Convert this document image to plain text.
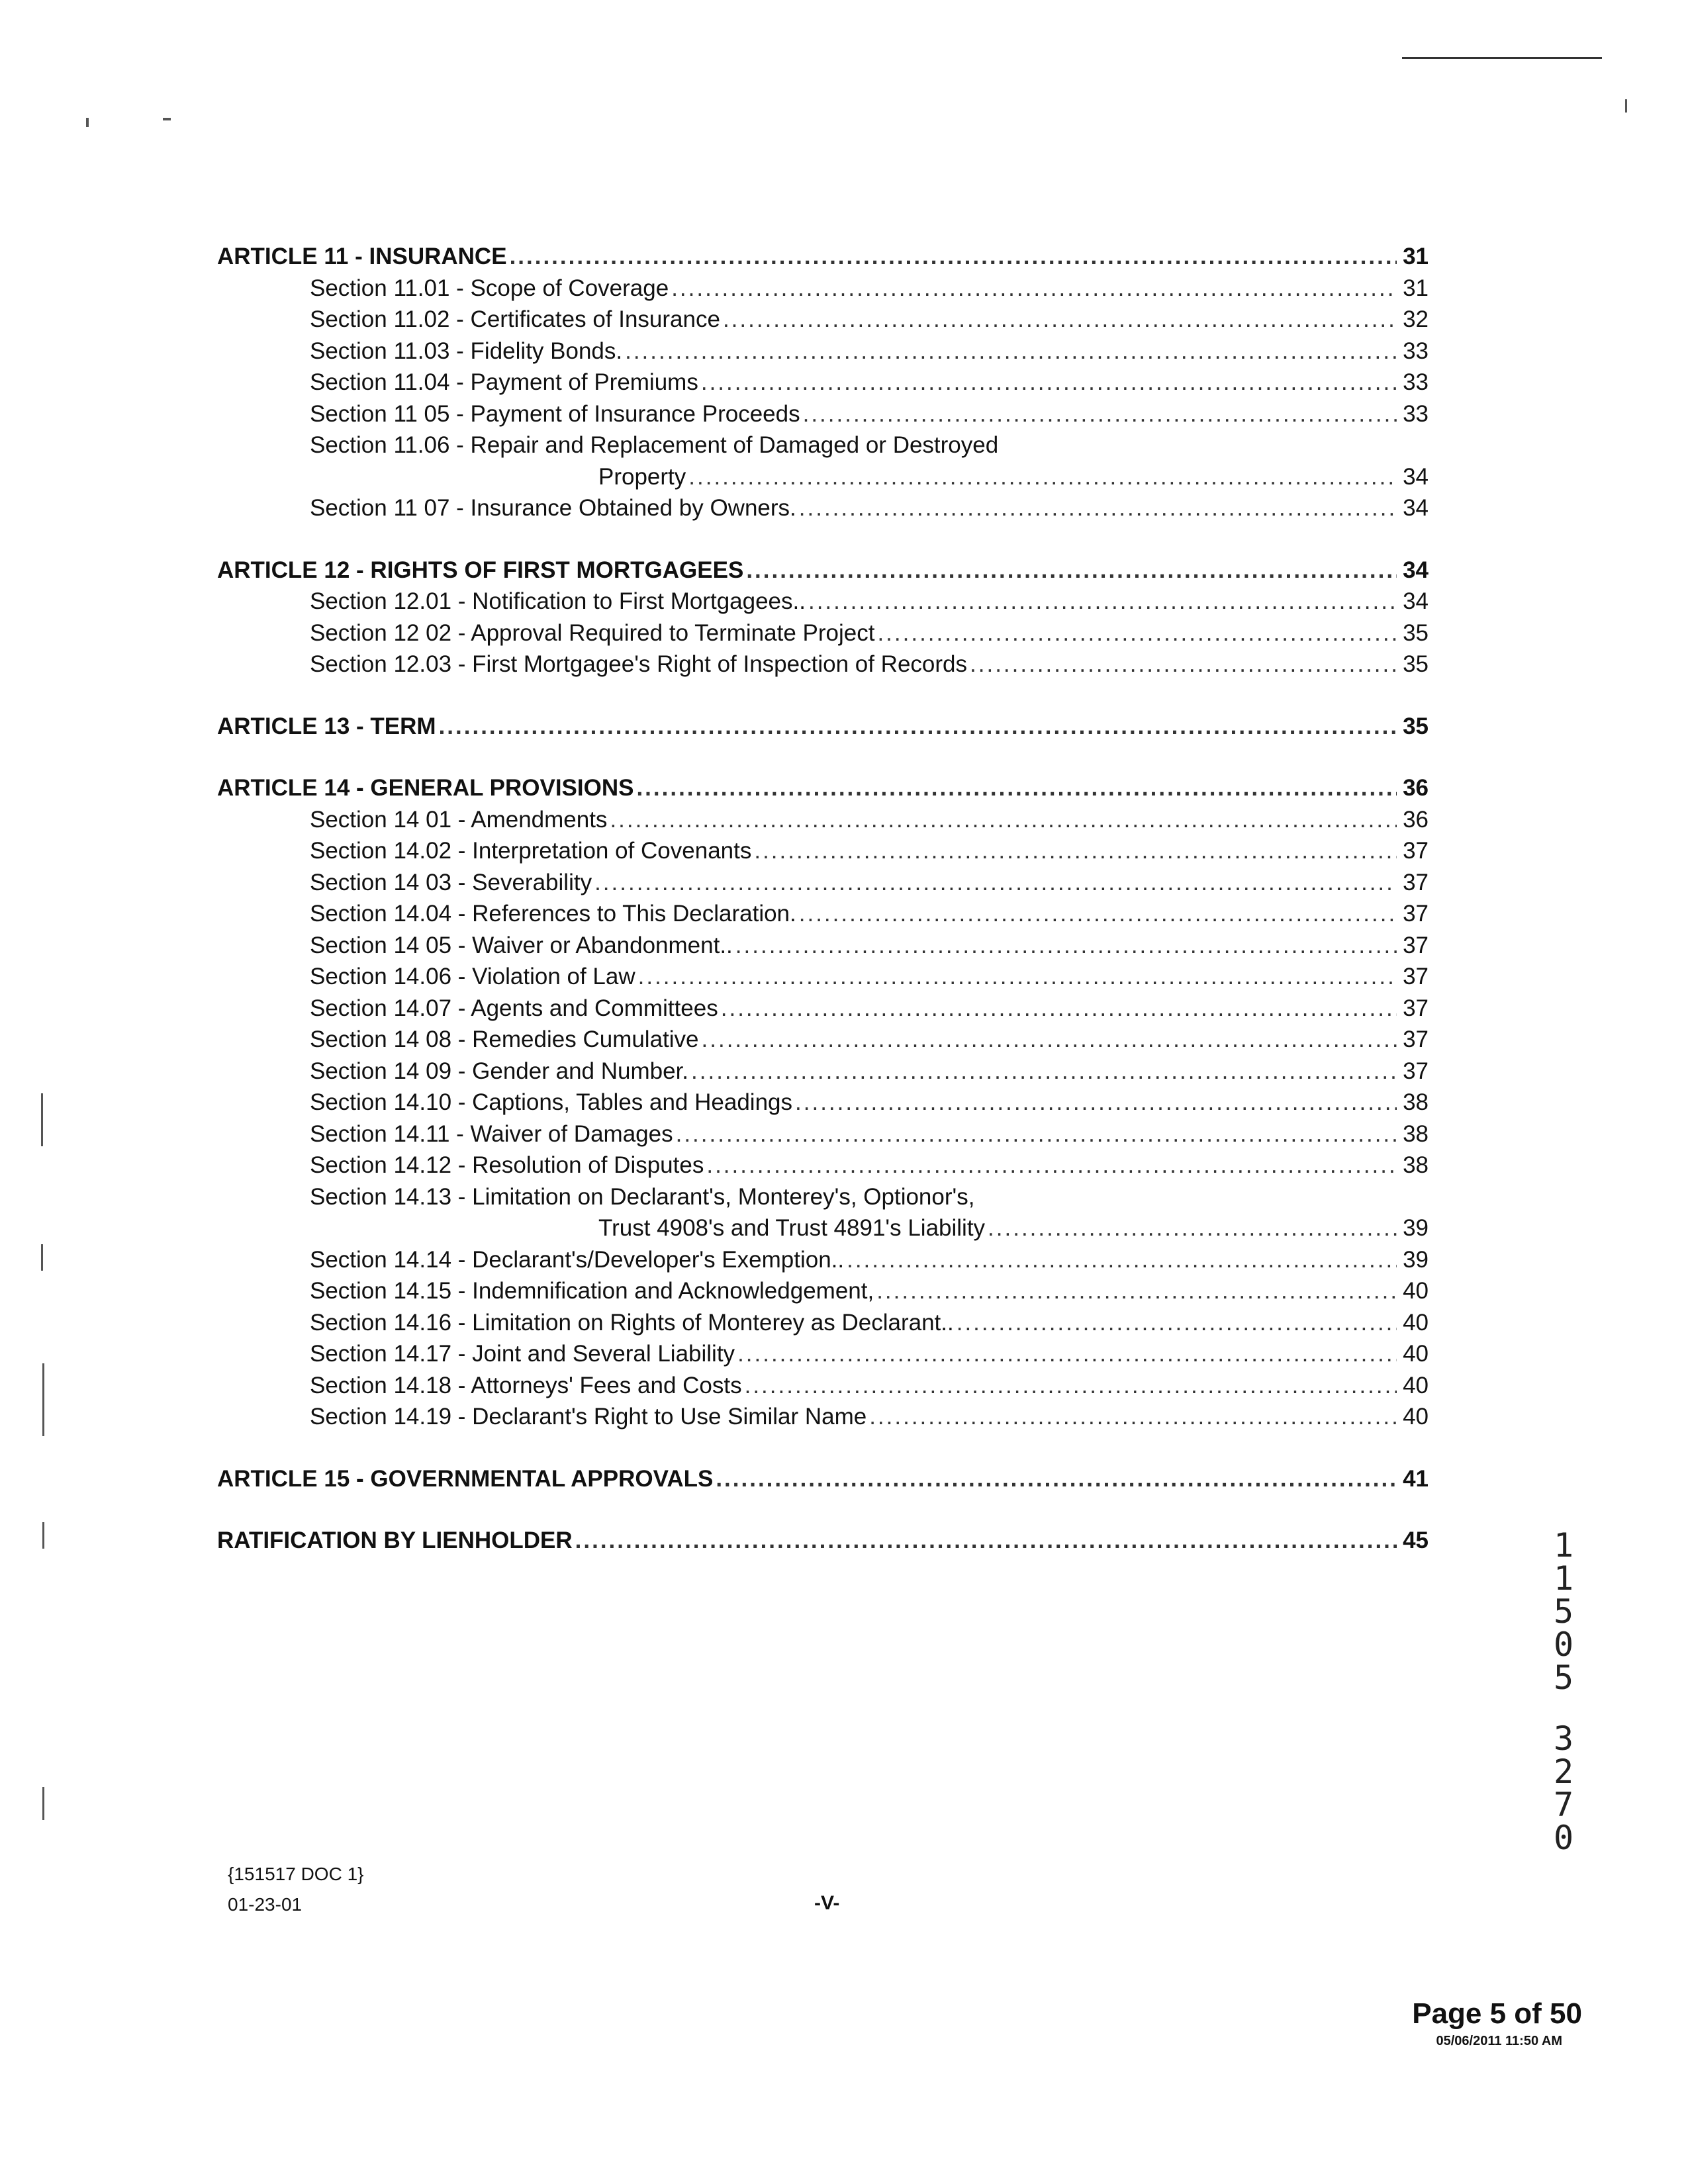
ARTICLE 11 - INSURANCE .....	31
Section 11.01 - Scope of Coverage .....	31
Section 11.02 - Certificates of Insurance .....	32
Section 11.03 - Fidelity Bonds. .....	33
Section 11.04 - Payment of Premiums .....	33
Section 11 05 - Payment of Insurance Proceeds .....	33
Section 11.06 - Repair and Replacement of Damaged or Destroyed
Property .....	34
Section 11 07 - Insurance Obtained by Owners. .....	34
ARTICLE 12 - RIGHTS OF FIRST MORTGAGEES .....	34
Section 12.01 - Notification to First Mortgagees.. .....	34
Section 12 02 - Approval Required to Terminate Project .....	35
Section 12.03 - First Mortgagee's Right of Inspection of Records .....	35
ARTICLE 13 - TERM .....	35
ARTICLE 14 - GENERAL PROVISIONS .....	36
Section 14 01 - Amendments .....	36
Section 14.02 - Interpretation of Covenants .....	37
Section 14 03 - Severability .....	37
Section 14.04 - References to This Declaration. .....	37
Section 14 05 - Waiver or Abandonment.. .....	37
Section 14.06 - Violation of Law .....	37
Section 14.07 - Agents and Committees .....	37
Section 14 08 - Remedies Cumulative .....	37
Section 14 09 - Gender and Number. .....	37
Section 14.10 - Captions, Tables and Headings .....	38
Section 14.11 - Waiver of Damages .....	38
Section 14.12 - Resolution of Disputes .....	38
Section 14.13 - Limitation on Declarant's, Monterey's, Optionor's,
Trust 4908's and Trust 4891's Liability .....	39
Section 14.14 - Declarant's/Developer's Exemption.. .....	39
Section 14.15 - Indemnification and Acknowledgement, .....	40
Section 14.16 - Limitation on Rights of Monterey as Declarant.. .....	40
Section 14.17 - Joint and Several Liability .....	40
Section 14.18 - Attorneys' Fees and Costs .....	40
Section 14.19 - Declarant's Right to Use Similar Name .....	40
ARTICLE 15 - GOVERNMENTAL APPROVALS .....	41
RATIFICATION BY LIENHOLDER .....	45	1
1
5
0
5
3
2
7
0
{151517 DOC 1}
01-23-01	-V-
Page 5 of 50
05/06/2011 11:50 AM
